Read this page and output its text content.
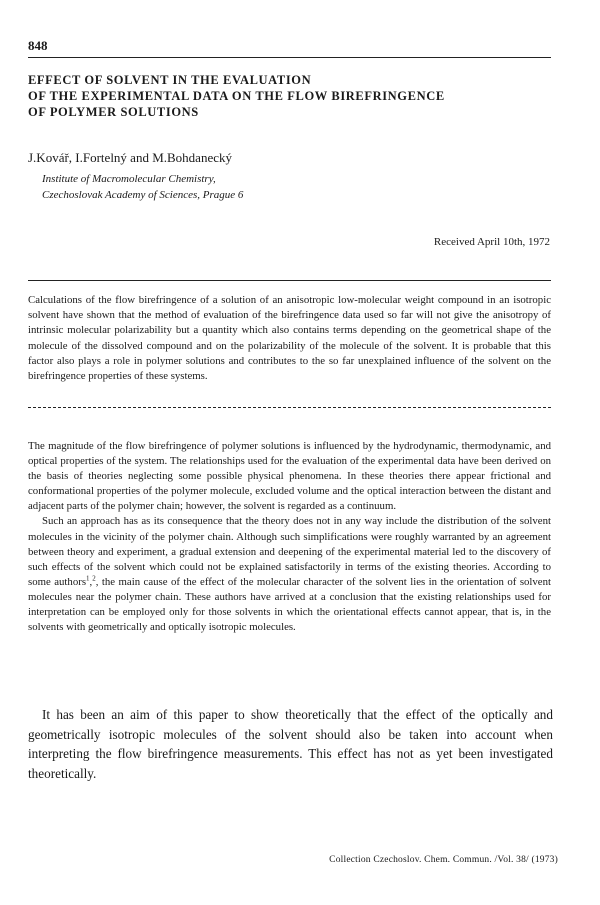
848
EFFECT OF SOLVENT IN THE EVALUATION
OF THE EXPERIMENTAL DATA ON THE FLOW BIREFRINGENCE
OF POLYMER SOLUTIONS
J.Kovář, I.Fortelný and M.Bohdanecký
Institute of Macromolecular Chemistry,
Czechoslovak Academy of Sciences, Prague 6
Received April 10th, 1972
Calculations of the flow birefringence of a solution of an anisotropic low-molecular weight compound in an isotropic solvent have shown that the method of evaluation of the birefringence data used so far will not give the anisotropy of intrinsic molecular polarizability but a quantity which also contains terms depending on the geometrical shape of the molecule of the dissolved compound and on the polarizability of the molecule of the solvent. It is probable that this factor also plays a role in polymer solutions and contributes to the so far unexplained influence of the solvent on the birefringence properties of these systems.

The magnitude of the flow birefringence of polymer solutions is influenced by the hydrodynamic, thermodynamic, and optical properties of the system. The relationships used for the evaluation of the experimental data have been derived on the basis of theories neglecting some possible physical phenomena. In these theories there appear frictional and conformational properties of the polymer molecule, excluded volume and the optical interaction between the distant and adjacent parts of the polymer chain; however, the solvent is regarded as a continuum.

Such an approach has as its consequence that the theory does not in any way include the distribution of the solvent molecules in the vicinity of the polymer chain. Although such simplifications were roughly warranted by an agreement between theory and experiment, a gradual extension and deepening of the experimental material led to the discovery of such effects of the solvent which could not be explained satisfactorily in terms of the existing theories. According to some authors$^1$,$^2$, the main cause of the effect of the molecular character of the solvent lies in the orientation of solvent molecules near the polymer chain. These authors have arrived at a conclusion that the existing relationships used for interpretation can be employed only for those solvents in which the orientational effects cannot appear, that is, in the solvents with geometrically and optically isotropic molecules.

It has been an aim of this paper to show theoretically that the effect of the optically and geometrically isotropic molecules of the solvent should also be taken into account when interpreting the flow birefringence measurements. This effect has not as yet been investigated theoretically.
Collection Czechoslov. Chem. Commun. /Vol. 38/ (1973)
